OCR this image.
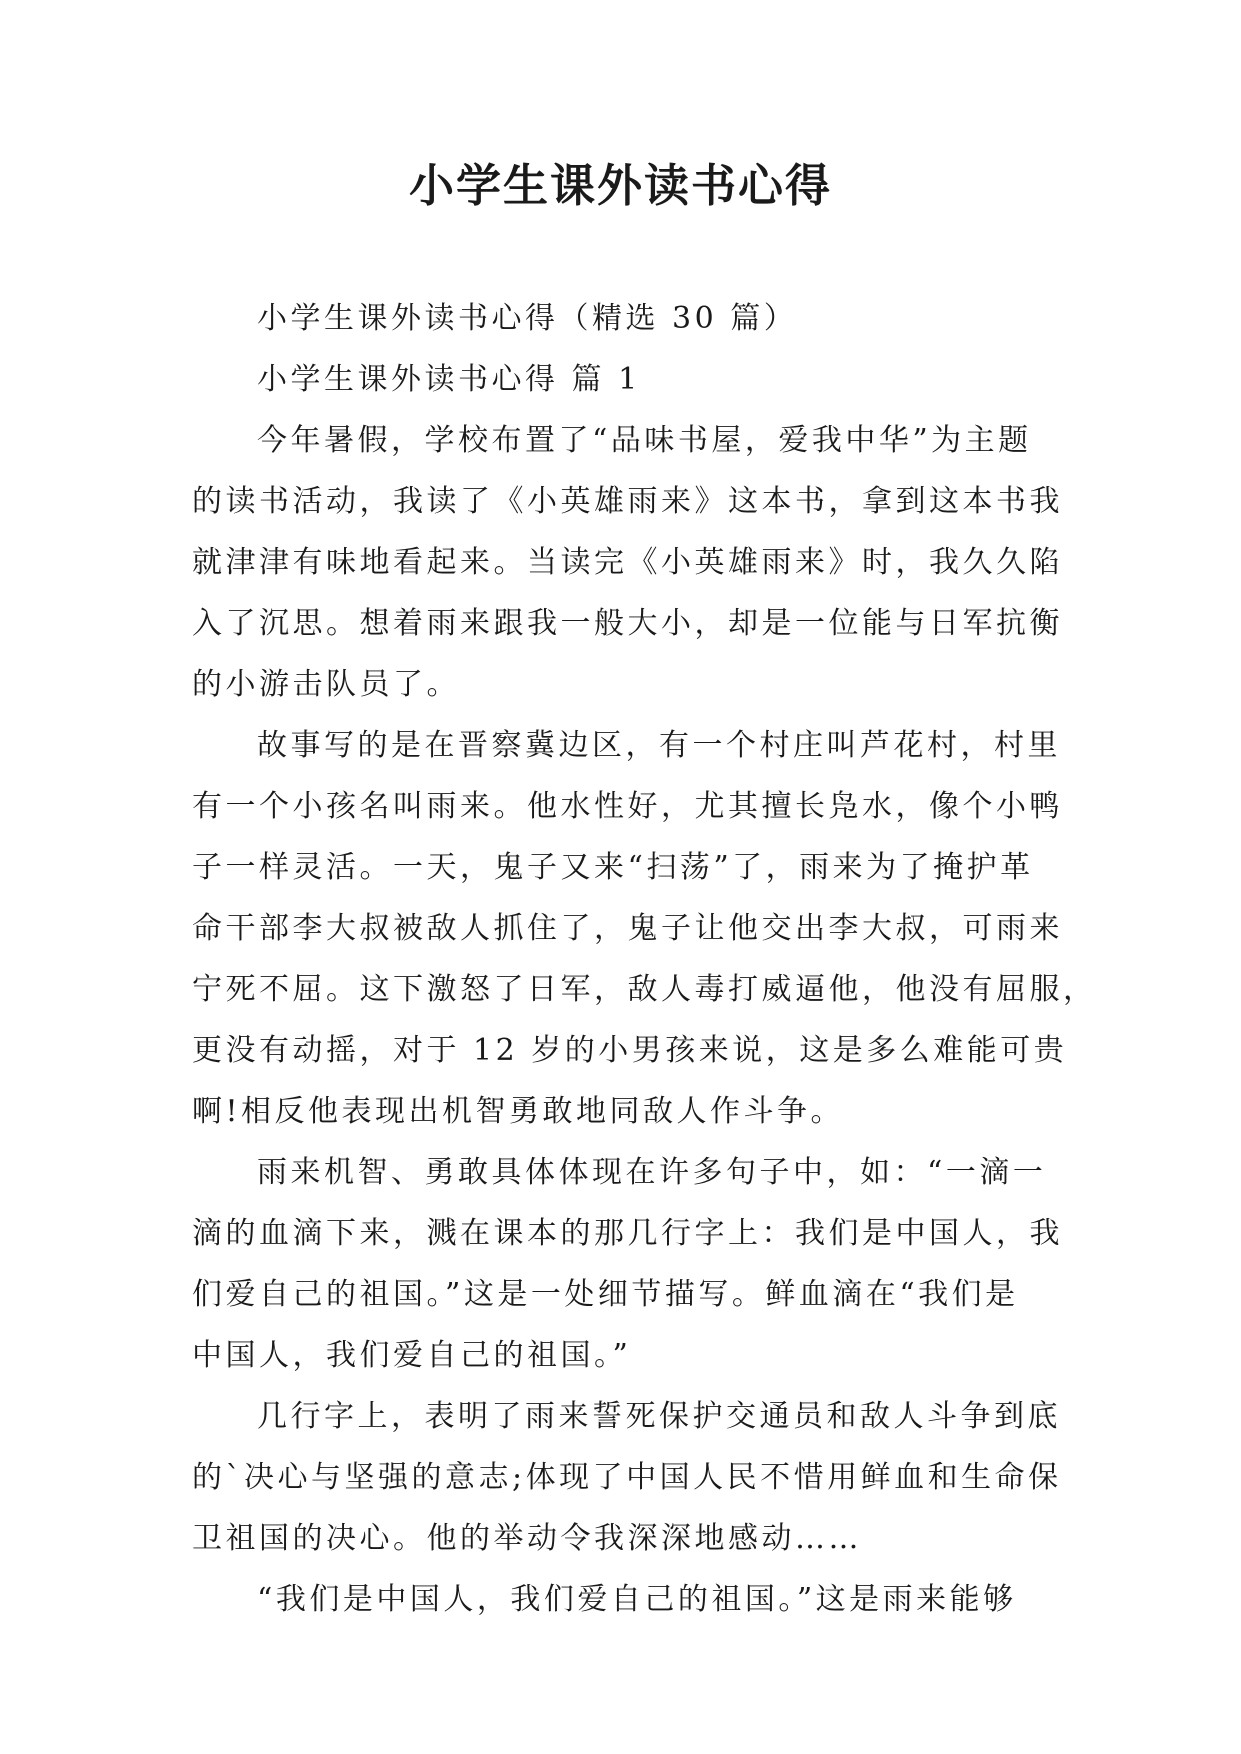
小学生课外读书心得
小学生课外读书心得（精选 30 篇）
小学生课外读书心得 篇 1
今年暑假，学校布置了“品味书屋，爱我中华”为主题
的读书活动，我读了《小英雄雨来》这本书，拿到这本书我
就津津有味地看起来。当读完《小英雄雨来》时，我久久陷
入了沉思。想着雨来跟我一般大小，却是一位能与日军抗衡
的小游击队员了。
故事写的是在晋察冀边区，有一个村庄叫芦花村，村里
有一个小孩名叫雨来。他水性好，尤其擅长凫水，像个小鸭
子一样灵活。一天，鬼子又来“扫荡”了，雨来为了掩护革
命干部李大叔被敌人抓住了，鬼子让他交出李大叔，可雨来
宁死不屈。这下激怒了日军，敌人毒打威逼他，他没有屈服，
更没有动摇，对于 12 岁的小男孩来说，这是多么难能可贵
啊!相反他表现出机智勇敢地同敌人作斗争。
雨来机智、勇敢具体体现在许多句子中，如：“一滴一
滴的血滴下来，溅在课本的那几行字上：我们是中国人，我
们爱自己的祖国。”这是一处细节描写。鲜血滴在“我们是
中国人，我们爱自己的祖国。”
几行字上，表明了雨来誓死保护交通员和敌人斗争到底
的`决心与坚强的意志;体现了中国人民不惜用鲜血和生命保
卫祖国的决心。他的举动令我深深地感动……
“我们是中国人，我们爱自己的祖国。”这是雨来能够
